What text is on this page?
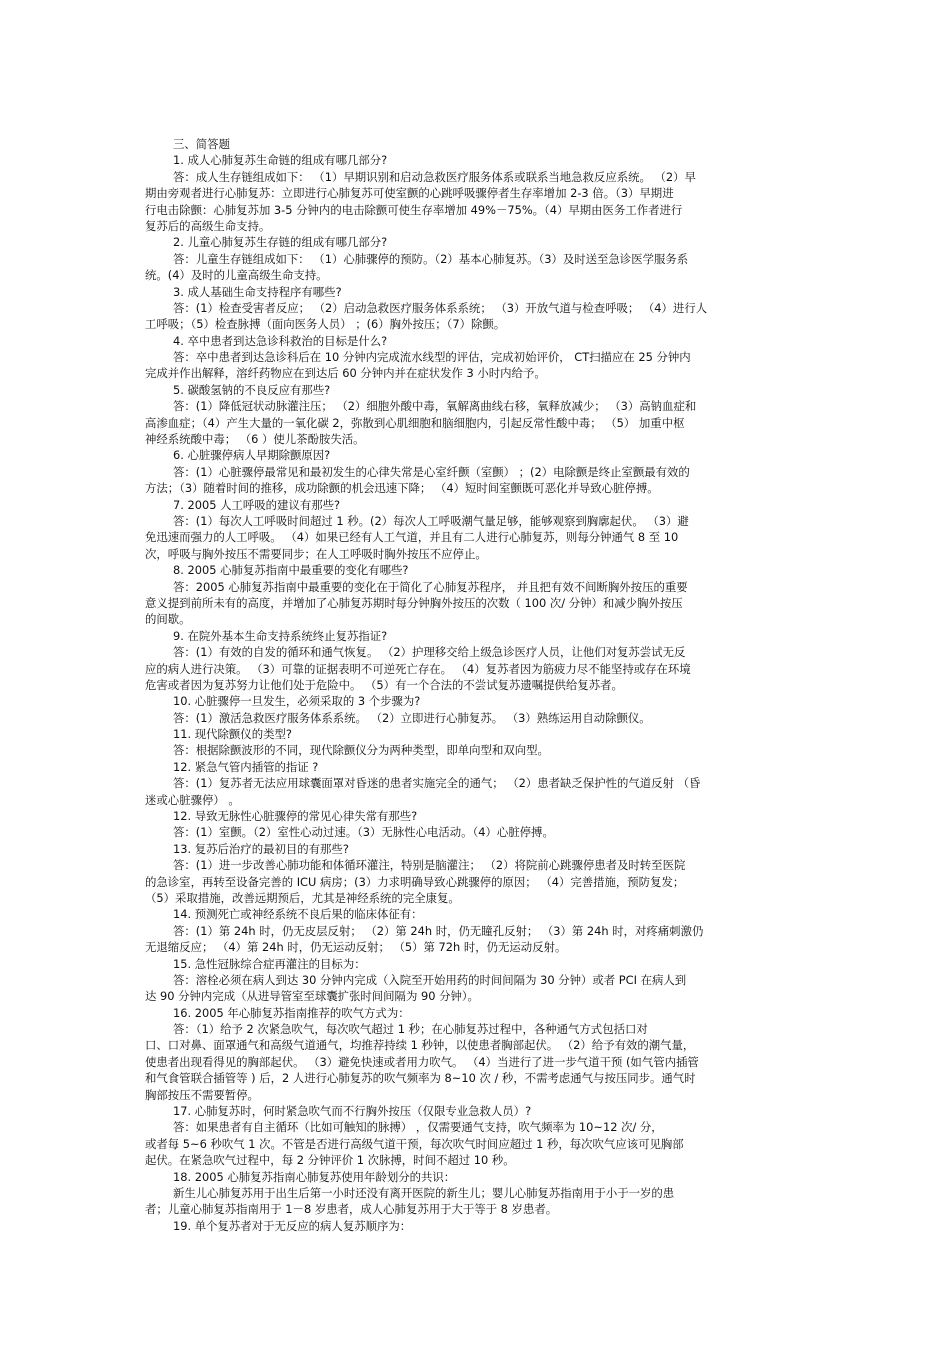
三、简答题
1. 成人心肺复苏生命链的组成有哪几部分?
答：成人生存链组成如下： （1）早期识别和启动急救医疗服务体系或联系当地急救反应系统。 （2）早
期由旁观者进行心肺复苏：立即进行心肺复苏可使室颤的心跳呼吸骤停者生存率增加 2-3 倍。（3）早期进
行电击除颤：心肺复苏加 3-5 分钟内的电击除颤可使生存率增加 49%－75%。（4）早期由医务工作者进行
复苏后的高级生命支持。
2. 儿童心肺复苏生存链的组成有哪几部分?
答：儿童生存链组成如下： （1）心肺骤停的预防。（2）基本心肺复苏。（3）及时送至急诊医学服务系
统。(4）及时的儿童高级生命支持。
3. 成人基础生命支持程序有哪些?
答：(1）检查受害者反应； （2）启动急救医疗服务体系系统； （3）开放气道与检查呼吸； （4）进行人
工呼吸；（5）检查脉搏（面向医务人员） ；(6）胸外按压；（7）除颤。
4. 卒中患者到达急诊科救治的目标是什么?
答：卒中患者到达急诊科后在 10 分钟内完成流水线型的评估，完成初始评价， CT扫描应在 25 分钟内
完成并作出解释，溶纤药物应在到达后 60 分钟内并在症状发作 3 小时内给予。
5. 碳酸氢钠的不良反应有那些?
答：(1）降低冠状动脉灌注压； （2）细胞外酸中毒，氧解离曲线右移，氧释放减少； （3）高钠血症和
高渗血症；（4）产生大量的一氧化碳 2，弥散到心肌细胞和脑细胞内，引起反常性酸中毒； （5） 加重中枢
神经系统酸中毒； （6 ）使儿茶酚胺失活。
6. 心脏骤停病人早期除颤原因?
答：(1）心脏骤停最常见和最初发生的心律失常是心室纤颤（室颤） ；(2）电除颤是终止室颤最有效的
方法；（3）随着时间的推移，成功除颤的机会迅速下降； （4）短时间室颤既可恶化并导致心脏停搏。
7. 2005 人工呼吸的建议有那些?
答：(1）每次人工呼吸时间超过 1 秒。(2）每次人工呼吸潮气量足够，能够观察到胸廓起伏。 （3）避
免迅速而强力的人工呼吸。 （4）如果已经有人工气道，并且有二人进行心肺复苏，则每分钟通气 8 至 10
次，呼吸与胸外按压不需要同步；在人工呼吸时胸外按压不应停止。
8. 2005 心肺复苏指南中最重要的变化有哪些?
答：2005 心肺复苏指南中最重要的变化在于简化了心肺复苏程序， 并且把有效不间断胸外按压的重要
意义提到前所未有的高度，并增加了心肺复苏期时每分钟胸外按压的次数（ 100 次/ 分钟）和减少胸外按压
的间歇。
9. 在院外基本生命支持系统终止复苏指证?
答：(1）有效的自发的循环和通气恢复。 （2）护理移交给上级急诊医疗人员，让他们对复苏尝试无反
应的病人进行决策。 （3）可靠的证据表明不可逆死亡存在。 （4）复苏者因为筋疲力尽不能坚持或存在环境
危害或者因为复苏努力让他们处于危险中。 （5）有一个合法的不尝试复苏遗嘱提供给复苏者。
10. 心脏骤停一旦发生，必须采取的 3 个步骤为?
答：(1）激活急救医疗服务体系系统。 （2）立即进行心肺复苏。 （3）熟练运用自动除颤仪。
11. 现代除颤仪的类型?
答：根据除颤波形的不同，现代除颤仪分为两种类型，即单向型和双向型。
12. 紧急气管内插管的指证 ?
答：(1）复苏者无法应用球囊面罩对昏迷的患者实施完全的通气； （2）患者缺乏保护性的气道反射 （昏
迷或心脏骤停） 。
12. 导致无脉性心脏骤停的常见心律失常有那些?
答：(1）室颤。（2）室性心动过速。（3）无脉性心电活动。（4）心脏停搏。
13. 复苏后治疗的最初目的有那些?
答：(1）进一步改善心肺功能和体循环灌注，特别是脑灌注； （2）将院前心跳骤停患者及时转至医院
的急诊室，再转至设备完善的 ICU 病房；(3）力求明确导致心跳骤停的原因； （4）完善措施，预防复发；
（5）采取措施，改善远期预后，尤其是神经系统的完全康复。
14. 预测死亡或神经系统不良后果的临床体征有：
答：(1）第 24h 时，仍无皮层反射； （2）第 24h 时，仍无瞳孔反射； （3）第 24h 时，对疼痛刺激仍
无退缩反应； （4）第 24h 时，仍无运动反射； （5）第 72h 时，仍无运动反射。
15. 急性冠脉综合症再灌注的目标为：
答：溶栓必须在病人到达 30 分钟内完成（入院至开始用药的时间间隔为 30 分钟）或者 PCI 在病人到
达 90 分钟内完成（从进导管室至球囊扩张时间间隔为 90 分钟）。
16. 2005 年心肺复苏指南推荐的吹气方式为：
答：（1）给予 2 次紧急吹气，每次吹气超过 1 秒；在心肺复苏过程中，各种通气方式包括口对
口、口对鼻、面罩通气和高级气道通气，均推荐持续 1 秒钟，以使患者胸部起伏。 （2）给予有效的潮气量，
使患者出现看得见的胸部起伏。 （3）避免快速或者用力吹气。 （4）当进行了进一步气道干预 (如气管内插管
和气食管联合插管等 ) 后，2 人进行心肺复苏的吹气频率为 8~10 次 / 秒，不需考虑通气与按压同步。通气时
胸部按压不需要暂停。
17. 心肺复苏时，何时紧急吹气而不行胸外按压（仅限专业急救人员）?
答：如果患者有自主循环（比如可触知的脉搏） ，仅需要通气支持，吹气频率为 10~12 次/ 分，
或者每 5~6 秒吹气 1 次。不管是否进行高级气道干预，每次吹气时间应超过 1 秒，每次吹气应该可见胸部
起伏。在紧急吹气过程中，每 2 分钟评价 1 次脉搏，时间不超过 10 秒。
18. 2005 心肺复苏指南心肺复苏使用年龄划分的共识：
新生儿心肺复苏用于出生后第一小时还没有离开医院的新生儿；婴儿心肺复苏指南用于小于一岁的患
者；儿童心肺复苏指南用于 1－8 岁患者，成人心肺复苏用于大于等于 8 岁患者。
19. 单个复苏者对于无反应的病人复苏顺序为：
